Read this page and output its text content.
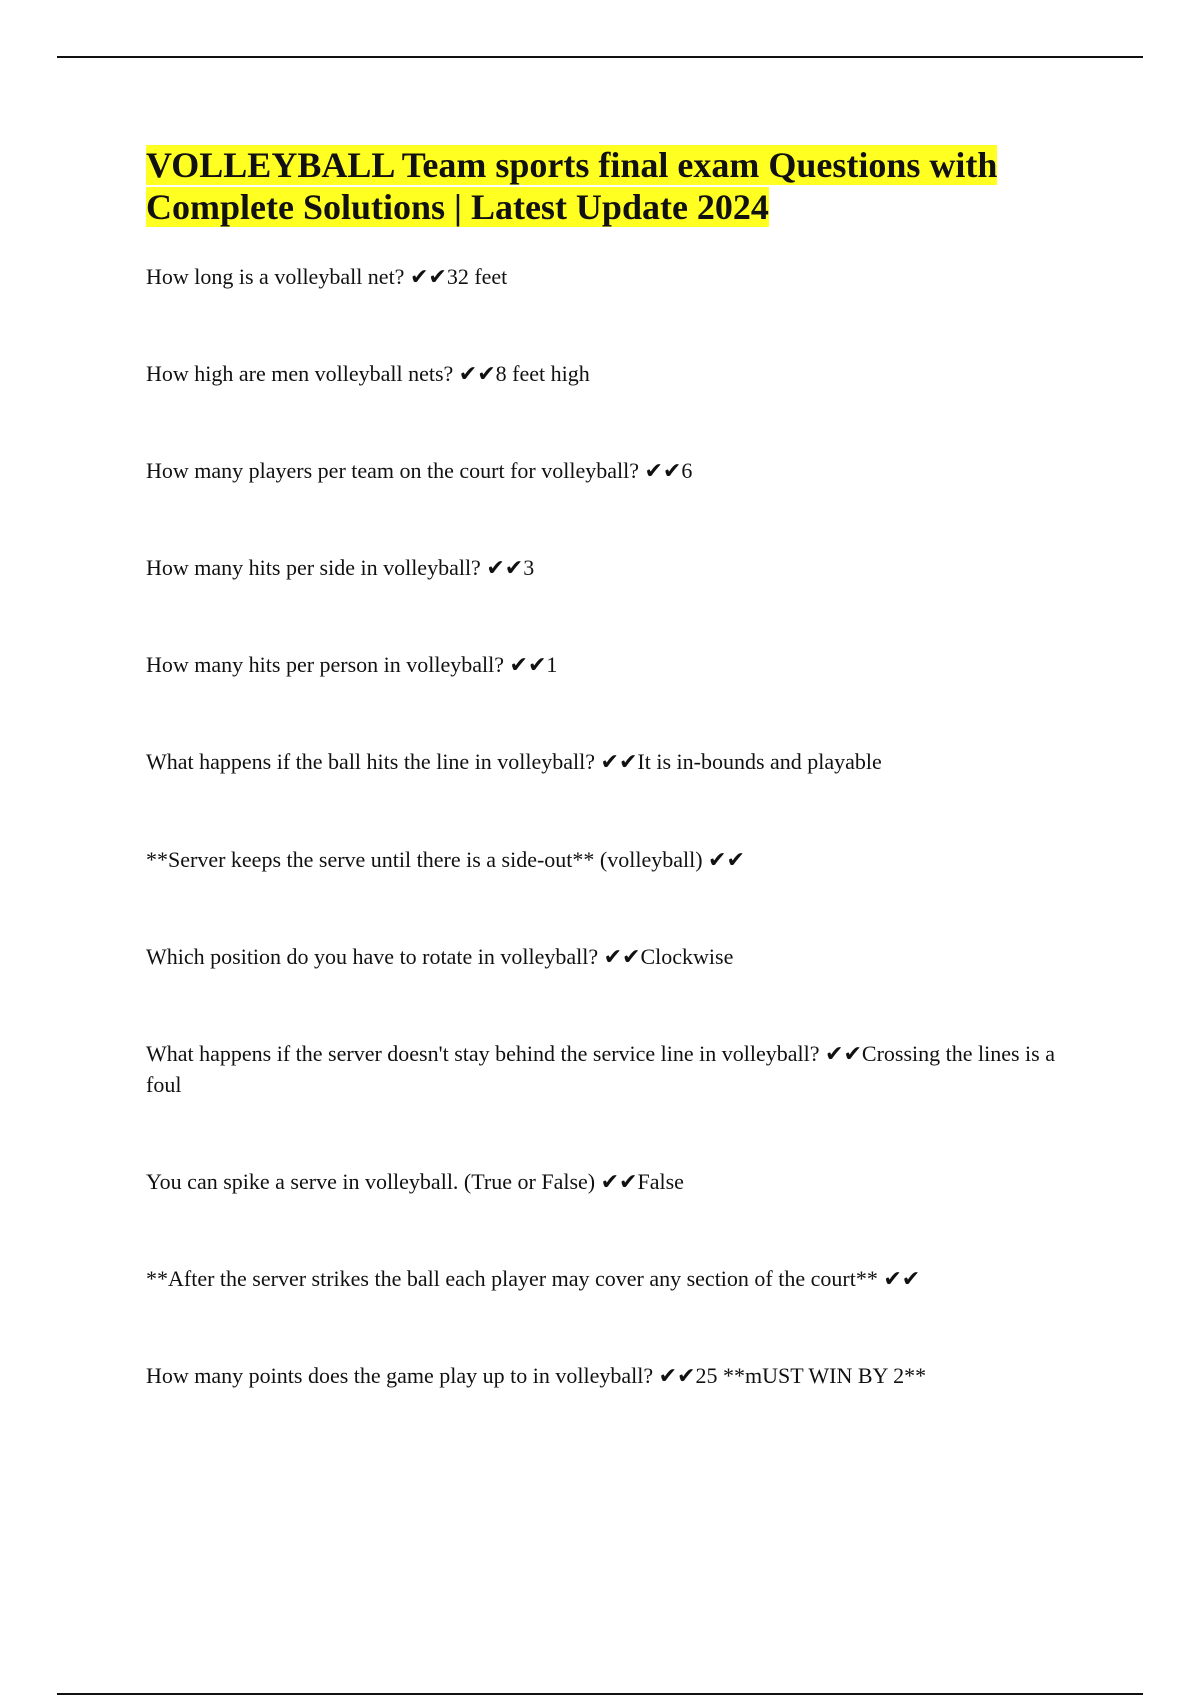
VOLLEYBALL Team sports final exam Questions with Complete Solutions | Latest Update 2024
How long is a volleyball net? ✔✔32 feet
How high are men volleyball nets? ✔✔8 feet high
How many players per team on the court for volleyball? ✔✔6
How many hits per side in volleyball? ✔✔3
How many hits per person in volleyball? ✔✔1
What happens if the ball hits the line in volleyball? ✔✔It is in-bounds and playable
**Server keeps the serve until there is a side-out** (volleyball) ✔✔
Which position do you have to rotate in volleyball? ✔✔Clockwise
What happens if the server doesn't stay behind the service line in volleyball? ✔✔Crossing the lines is a foul
You can spike a serve in volleyball. (True or False) ✔✔False
**After the server strikes the ball each player may cover any section of the court** ✔✔
How many points does the game play up to in volleyball? ✔✔25 **mUST WIN BY 2**
